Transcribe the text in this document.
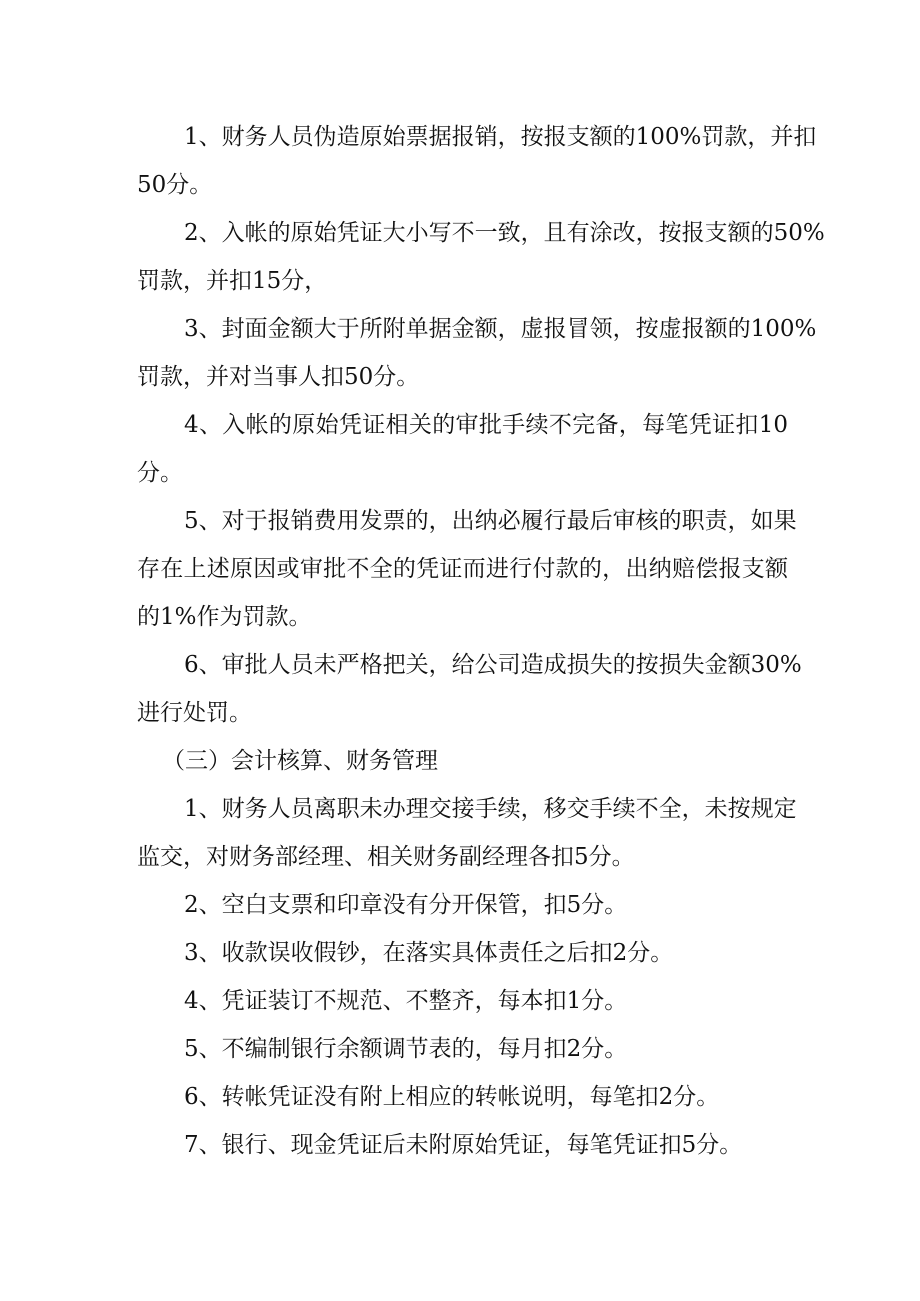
1、财务人员伪造原始票据报销，按报支额的100%罚款，并扣
50分。
2、入帐的原始凭证大小写不一致，且有涂改，按报支额的50%
罚款，并扣15分，
3、封面金额大于所附单据金额，虚报冒领，按虚报额的100%
罚款，并对当事人扣50分。
4、入帐的原始凭证相关的审批手续不完备，每笔凭证扣10
分。
5、对于报销费用发票的，出纳必履行最后审核的职责，如果
存在上述原因或审批不全的凭证而进行付款的，出纳赔偿报支额
的1%作为罚款。
6、审批人员未严格把关，给公司造成损失的按损失金额30%
进行处罚。
（三）会计核算、财务管理
1、财务人员离职未办理交接手续，移交手续不全，未按规定
监交，对财务部经理、相关财务副经理各扣5分。
2、空白支票和印章没有分开保管，扣5分。
3、收款误收假钞，在落实具体责任之后扣2分。
4、凭证装订不规范、不整齐，每本扣1分。
5、不编制银行余额调节表的，每月扣2分。
6、转帐凭证没有附上相应的转帐说明，每笔扣2分。
7、银行、现金凭证后未附原始凭证，每笔凭证扣5分。
